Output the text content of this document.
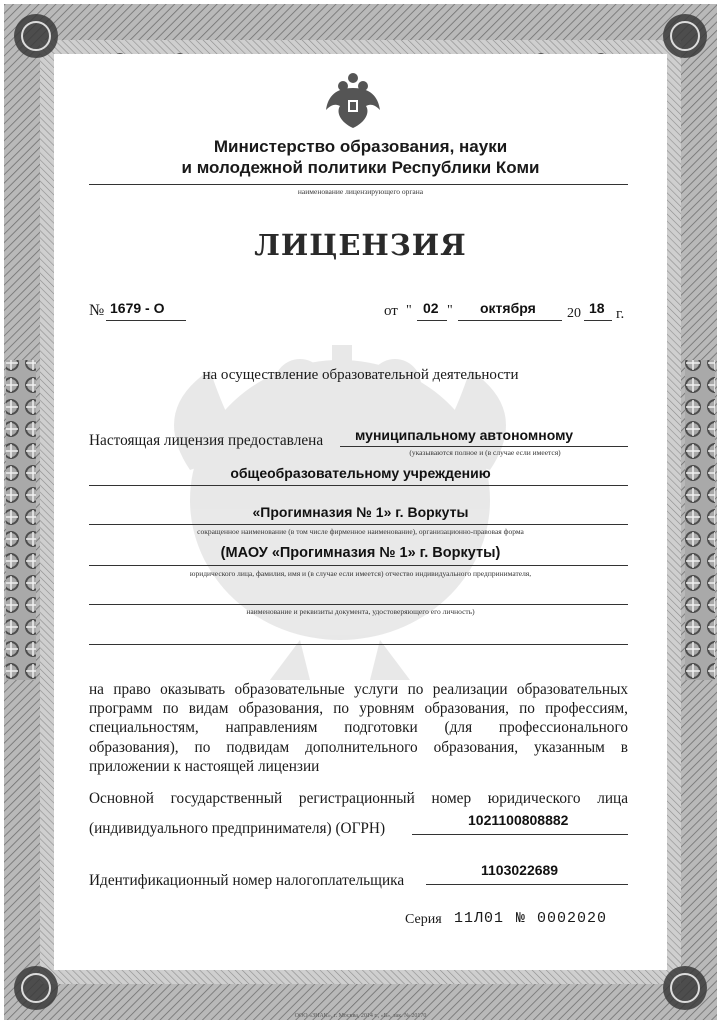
Министерство образования, науки
и молодежной политики Республики Коми
наименование лицензирующего органа
ЛИЦЕНЗИЯ
№ 1679 - О	от " 02 " октября 20 18 г.
на осуществление образовательной деятельности
Настоящая лицензия предоставлена муниципальному автономному
(указываются полное и (в случае если имеется)
общеобразовательному учреждению
«Прогимназия № 1» г. Воркуты
сокращенное наименование (в том числе фирменное наименование), организационно-правовая форма
(МАОУ «Прогимназия № 1» г. Воркуты)
юридического лица, фамилия, имя и (в случае если имеется) отчество индивидуального предпринимателя,
наименование и реквизиты документа, удостоверяющего его личность)
на право оказывать образовательные услуги по реализации образовательных программ по видам образования, по уровням образования, по профессиям, специальностям, направлениям подготовки (для профессионального образования), по подвидам дополнительного образования, указанным в приложении к настоящей лицензии
Основной государственный регистрационный номер юридического лица
(индивидуального предпринимателя) (ОГРН)	1021100808882
Идентификационный номер налогоплательщика
1103022689
Серия 11Л01 № 0002020
ООО «ЗНАК», г. Москва, 2014 г., «Б», зак. № 20170
